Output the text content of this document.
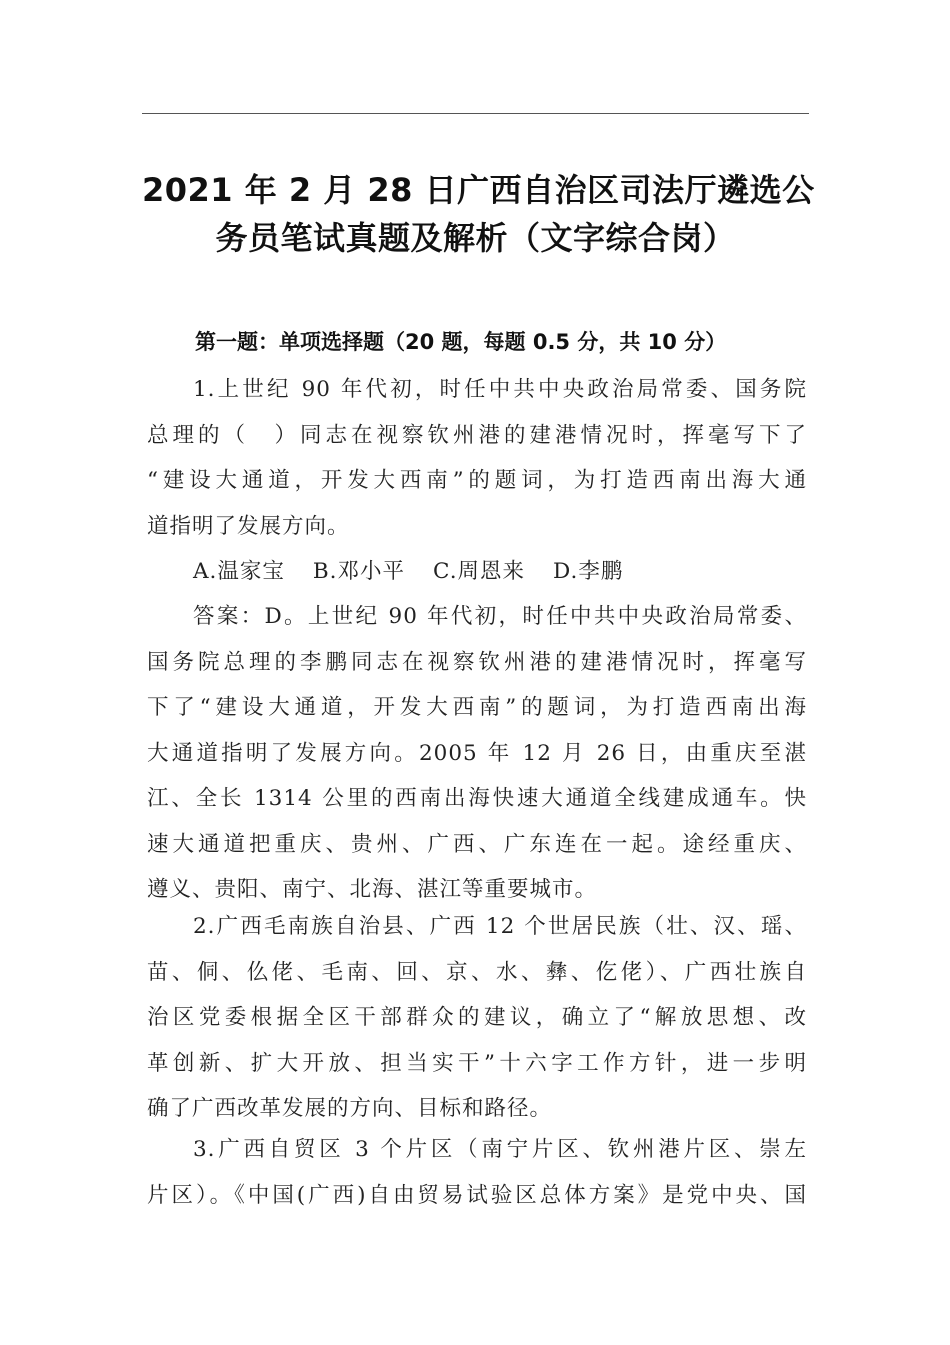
2021 年 2 月 28 日广西自治区司法厅遴选公
务员笔试真题及解析（文字综合岗）
第一题：单项选择题（20 题，每题 0.5 分，共 10 分）
1.上世纪 90 年代初，时任中共中央政治局常委、国务院
总理的（　）同志在视察钦州港的建港情况时，挥毫写下了
“建设大通道，开发大西南”的题词，为打造西南出海大通
道指明了发展方向。
A.温家宝 B.邓小平 C.周恩来 D.李鹏
答案：D。上世纪 90 年代初，时任中共中央政治局常委、
国务院总理的李鹏同志在视察钦州港的建港情况时，挥毫写
下了“建设大通道，开发大西南”的题词，为打造西南出海
大通道指明了发展方向。2005 年 12 月 26 日，由重庆至湛
江、全长 1314 公里的西南出海快速大通道全线建成通车。快
速大通道把重庆、贵州、广西、广东连在一起。途经重庆、
遵义、贵阳、南宁、北海、湛江等重要城市。
2.广西毛南族自治县、广西 12 个世居民族（壮、汉、瑶、
苗、侗、仫佬、毛南、回、京、水、彝、仡佬）、广西壮族自
治区党委根据全区干部群众的建议，确立了“解放思想、改
革创新、扩大开放、担当实干”十六字工作方针，进一步明
确了广西改革发展的方向、目标和路径。
3.广西自贸区 3 个片区（南宁片区、钦州港片区、崇左
片区）。《中国(广西)自由贸易试验区总体方案》是党中央、国
